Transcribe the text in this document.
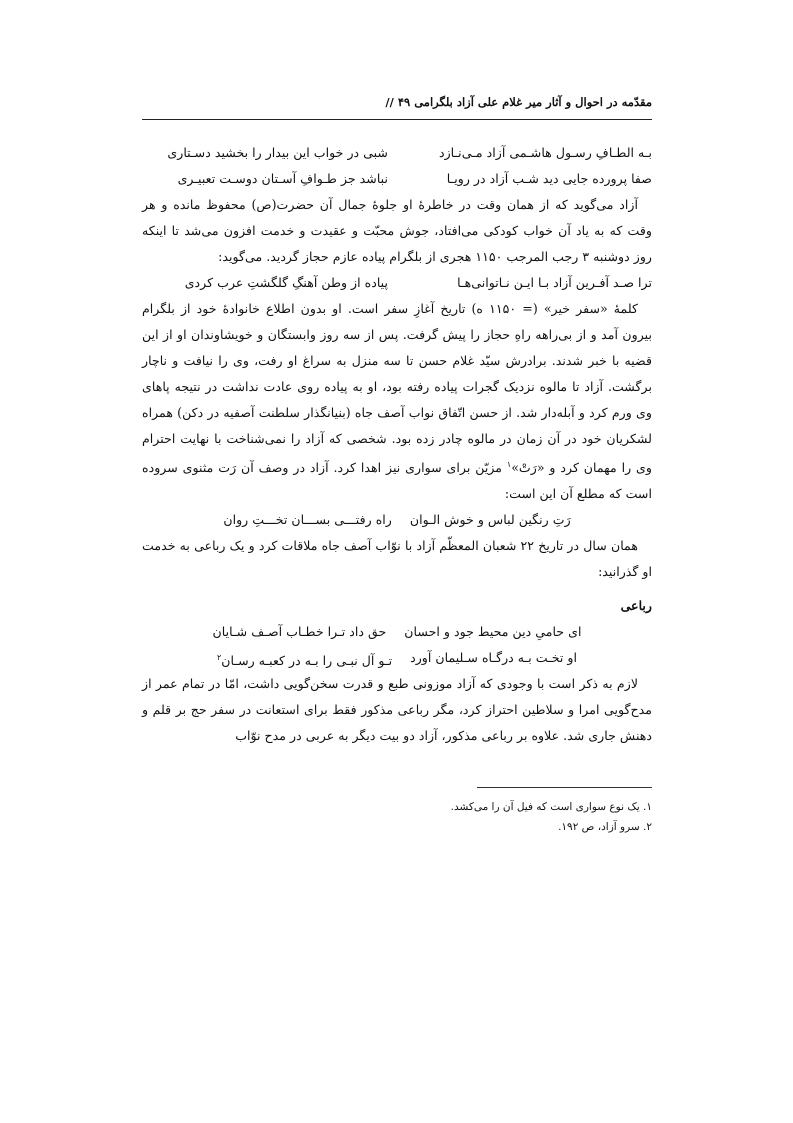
مقدّمه در احوال و آثار میر غلام علی آزاد بلگرامی ۴۹ //
بـه الطـافِ رسـول هاشـمی آزاد مـی‌نـازد
شبی در خواب این بیدار را بخشید دسـتاری
صفا پرورده جایی دید شـب آزاد در رویـا
نباشد جز طـوافِ آسـتان دوسـت تعبیـری

آزاد می‌گوید که از همان وقت در خاطرهٔ او جلوهٔ جمال آن حضرت(ص) محفوظ مانده و هر وقت که به یاد آن خواب کودکی می‌افتاد، جوش محبّت و عقیدت و خدمت افزون می‌شد تا اینکه روز دوشنبه ۳ رجب المرجب ۱۱۵۰ هجری از بلگرام پیاده عازم حجاز گردید. می‌گوید:

ترا صـد آفـرین آزاد بـا ایـن نـاتوانی‌هـا
پیاده از وطن آهنگِ گلگشتِ عرب کردی

کلمهٔ «سفر خیر» (= ۱۱۵۰ ه) تاریخ آغازِ سفر است. او بدون اطلاع خانوادهٔ خود از بلگرام بیرون آمد و از بی‌راهه راهِ حجاز را پیش گرفت. پس از سه روز وابستگان و خویشاوندان او از این قضیه با خبر شدند. برادرش سیّد غلام حسن تا سه منزل به سراغ او رفت، وی را نیافت و ناچار برگشت. آزاد تا مالوه نزدیک گجرات پیاده رفته بود، او به پیاده روی عادت نداشت در نتیجه پاهای وی ورم کرد و آبله‌دار شد. از حسن اتّفاق نواب آصف جاه (بنیانگذار سلطنت آصفیه در دکن) همراه لشکریان خود در آن زمان در مالوه چادر زده بود. شخصی که آزاد را نمی‌شناخت با نهایت احترام وی را مهمان کرد و «رَتْ»$^۱$ مزیّن برای سواری نیز اهدا کرد. آزاد در وصف آن رَت مثنوی سروده است که مطلع آن این است:

رَتِ رنگین لباس و خوش الـوان
راه رفتـــی بســـان تخـــتِ روان

همان سال در تاریخ ۲۲ شعبان المعظّم آزاد با نوّاب آصف جاه ملاقات کرد و یک رباعی به خدمت او گذرانید:

رباعی
ای حامیِ دین محیط جود و احسان
حق داد تـرا خطـاب آصـف شـایان
او تخـت بـه درگـاه سـلیمان آورد
تـو آل نبـی را بـه در کعبـه رسـان$^۲$

لازم به ذکر است با وجودی که آزاد موزونی طبع و قدرت سخن‌گویی داشت، امّا در تمام عمر از مدح‌گویی امرا و سلاطین احتراز کرد، مگر رباعی مذکور فقط برای استعانت در سفر حج بر قلم و دهنش جاری شد. علاوه بر رباعی مذکور، آزاد دو بیت دیگر به عربی در مدح نوّاب

۱. یک نوع سواری است که فیل آن را می‌کشد.
۲. سرو آزاد، ص ۱۹۲.
